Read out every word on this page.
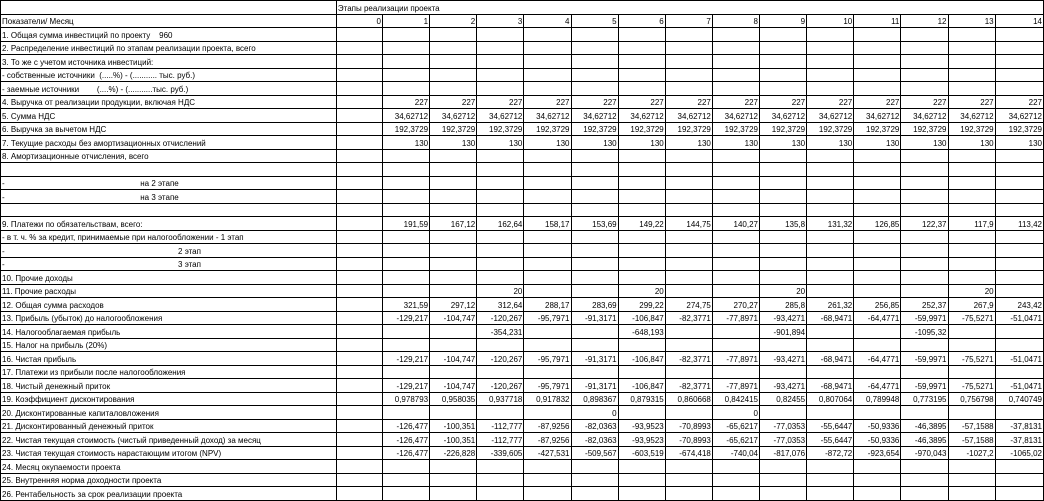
	Этапы реализации проекта														
Показатели/ Месяц	0	1	2	3	4	5	6	7	8	9	10	11	12	13	14
1. Общая сумма инвестиций по проекту    960															
2. Распределение инвестиций по этапам реализации проекта, всего															
3. То же с учетом источника инвестиций:															
- собственные источники  (.....%) - (........... тыс. руб.)															
- заемные источники        (....%) - (...........тыс. руб.)															
4. Выручка от реализации продукции, включая НДС		227	227	227	227	227	227	227	227	227	227	227	227	227	227
5. Сумма НДС		34,62712	34,62712	34,62712	34,62712	34,62712	34,62712	34,62712	34,62712	34,62712	34,62712	34,62712	34,62712	34,62712	34,62712
6. Выручка за вычетом НДС		192,3729	192,3729	192,3729	192,3729	192,3729	192,3729	192,3729	192,3729	192,3729	192,3729	192,3729	192,3729	192,3729	192,3729
7. Текущие расходы без амортизационных отчислений		130	130	130	130	130	130	130	130	130	130	130	130	130	130
8. Амортизационные отчисления, всего															

-                                                             на 2 этапе															
-                                                             на 3 этапе															

9. Платежи по обязательствам, всего:		191,59	167,12	162,64	158,17	153,69	149,22	144,75	140,27	135,8	131,32	126,85	122,37	117,9	113,42
- в т. ч. % за кредит, принимаемые при налогообложении - 1 этап															
-                                                                              2 этап															
-                                                                              3 этап															
10. Прочие доходы															
11. Прочие расходы				20			20			20				20	
12. Общая сумма расходов		321,59	297,12	312,64	288,17	283,69	299,22	274,75	270,27	285,8	261,32	256,85	252,37	267,9	243,42
13. Прибыль (убыток) до налогообложения		-129,217	-104,747	-120,267	-95,7971	-91,3171	-106,847	-82,3771	-77,8971	-93,4271	-68,9471	-64,4771	-59,9971	-75,5271	-51,0471
14. Налогооблагаемая прибыль				-354,231			-648,193			-901,894			-1095,32		
15. Налог на прибыль (20%)															
16. Чистая прибыль		-129,217	-104,747	-120,267	-95,7971	-91,3171	-106,847	-82,3771	-77,8971	-93,4271	-68,9471	-64,4771	-59,9971	-75,5271	-51,0471
17. Платежи из прибыли после налогообложения															
18. Чистый денежный приток		-129,217	-104,747	-120,267	-95,7971	-91,3171	-106,847	-82,3771	-77,8971	-93,4271	-68,9471	-64,4771	-59,9971	-75,5271	-51,0471
19. Коэффициент дисконтирования		0,978793	0,958035	0,937718	0,917832	0,898367	0,879315	0,860668	0,842415	0,82455	0,807064	0,789948	0,773195	0,756798	0,740749
20. Дисконтированные капиталовложения						0			0						
21. Дисконтированный денежный приток		-126,477	-100,351	-112,777	-87,9256	-82,0363	-93,9523	-70,8993	-65,6217	-77,0353	-55,6447	-50,9336	-46,3895	-57,1588	-37,8131
22. Чистая текущая стоимость (чистый приведенный доход) за месяц		-126,477	-100,351	-112,777	-87,9256	-82,0363	-93,9523	-70,8993	-65,6217	-77,0353	-55,6447	-50,9336	-46,3895	-57,1588	-37,8131
23. Чистая текущая стоимость нарастающим итогом (NPV)		-126,477	-226,828	-339,605	-427,531	-509,567	-603,519	-674,418	-740,04	-817,076	-872,72	-923,654	-970,043	-1027,2	-1065,02
24. Месяц окупаемости проекта															
25. Внутренняя норма доходности проекта															
26. Рентабельность за срок реализации проекта															
